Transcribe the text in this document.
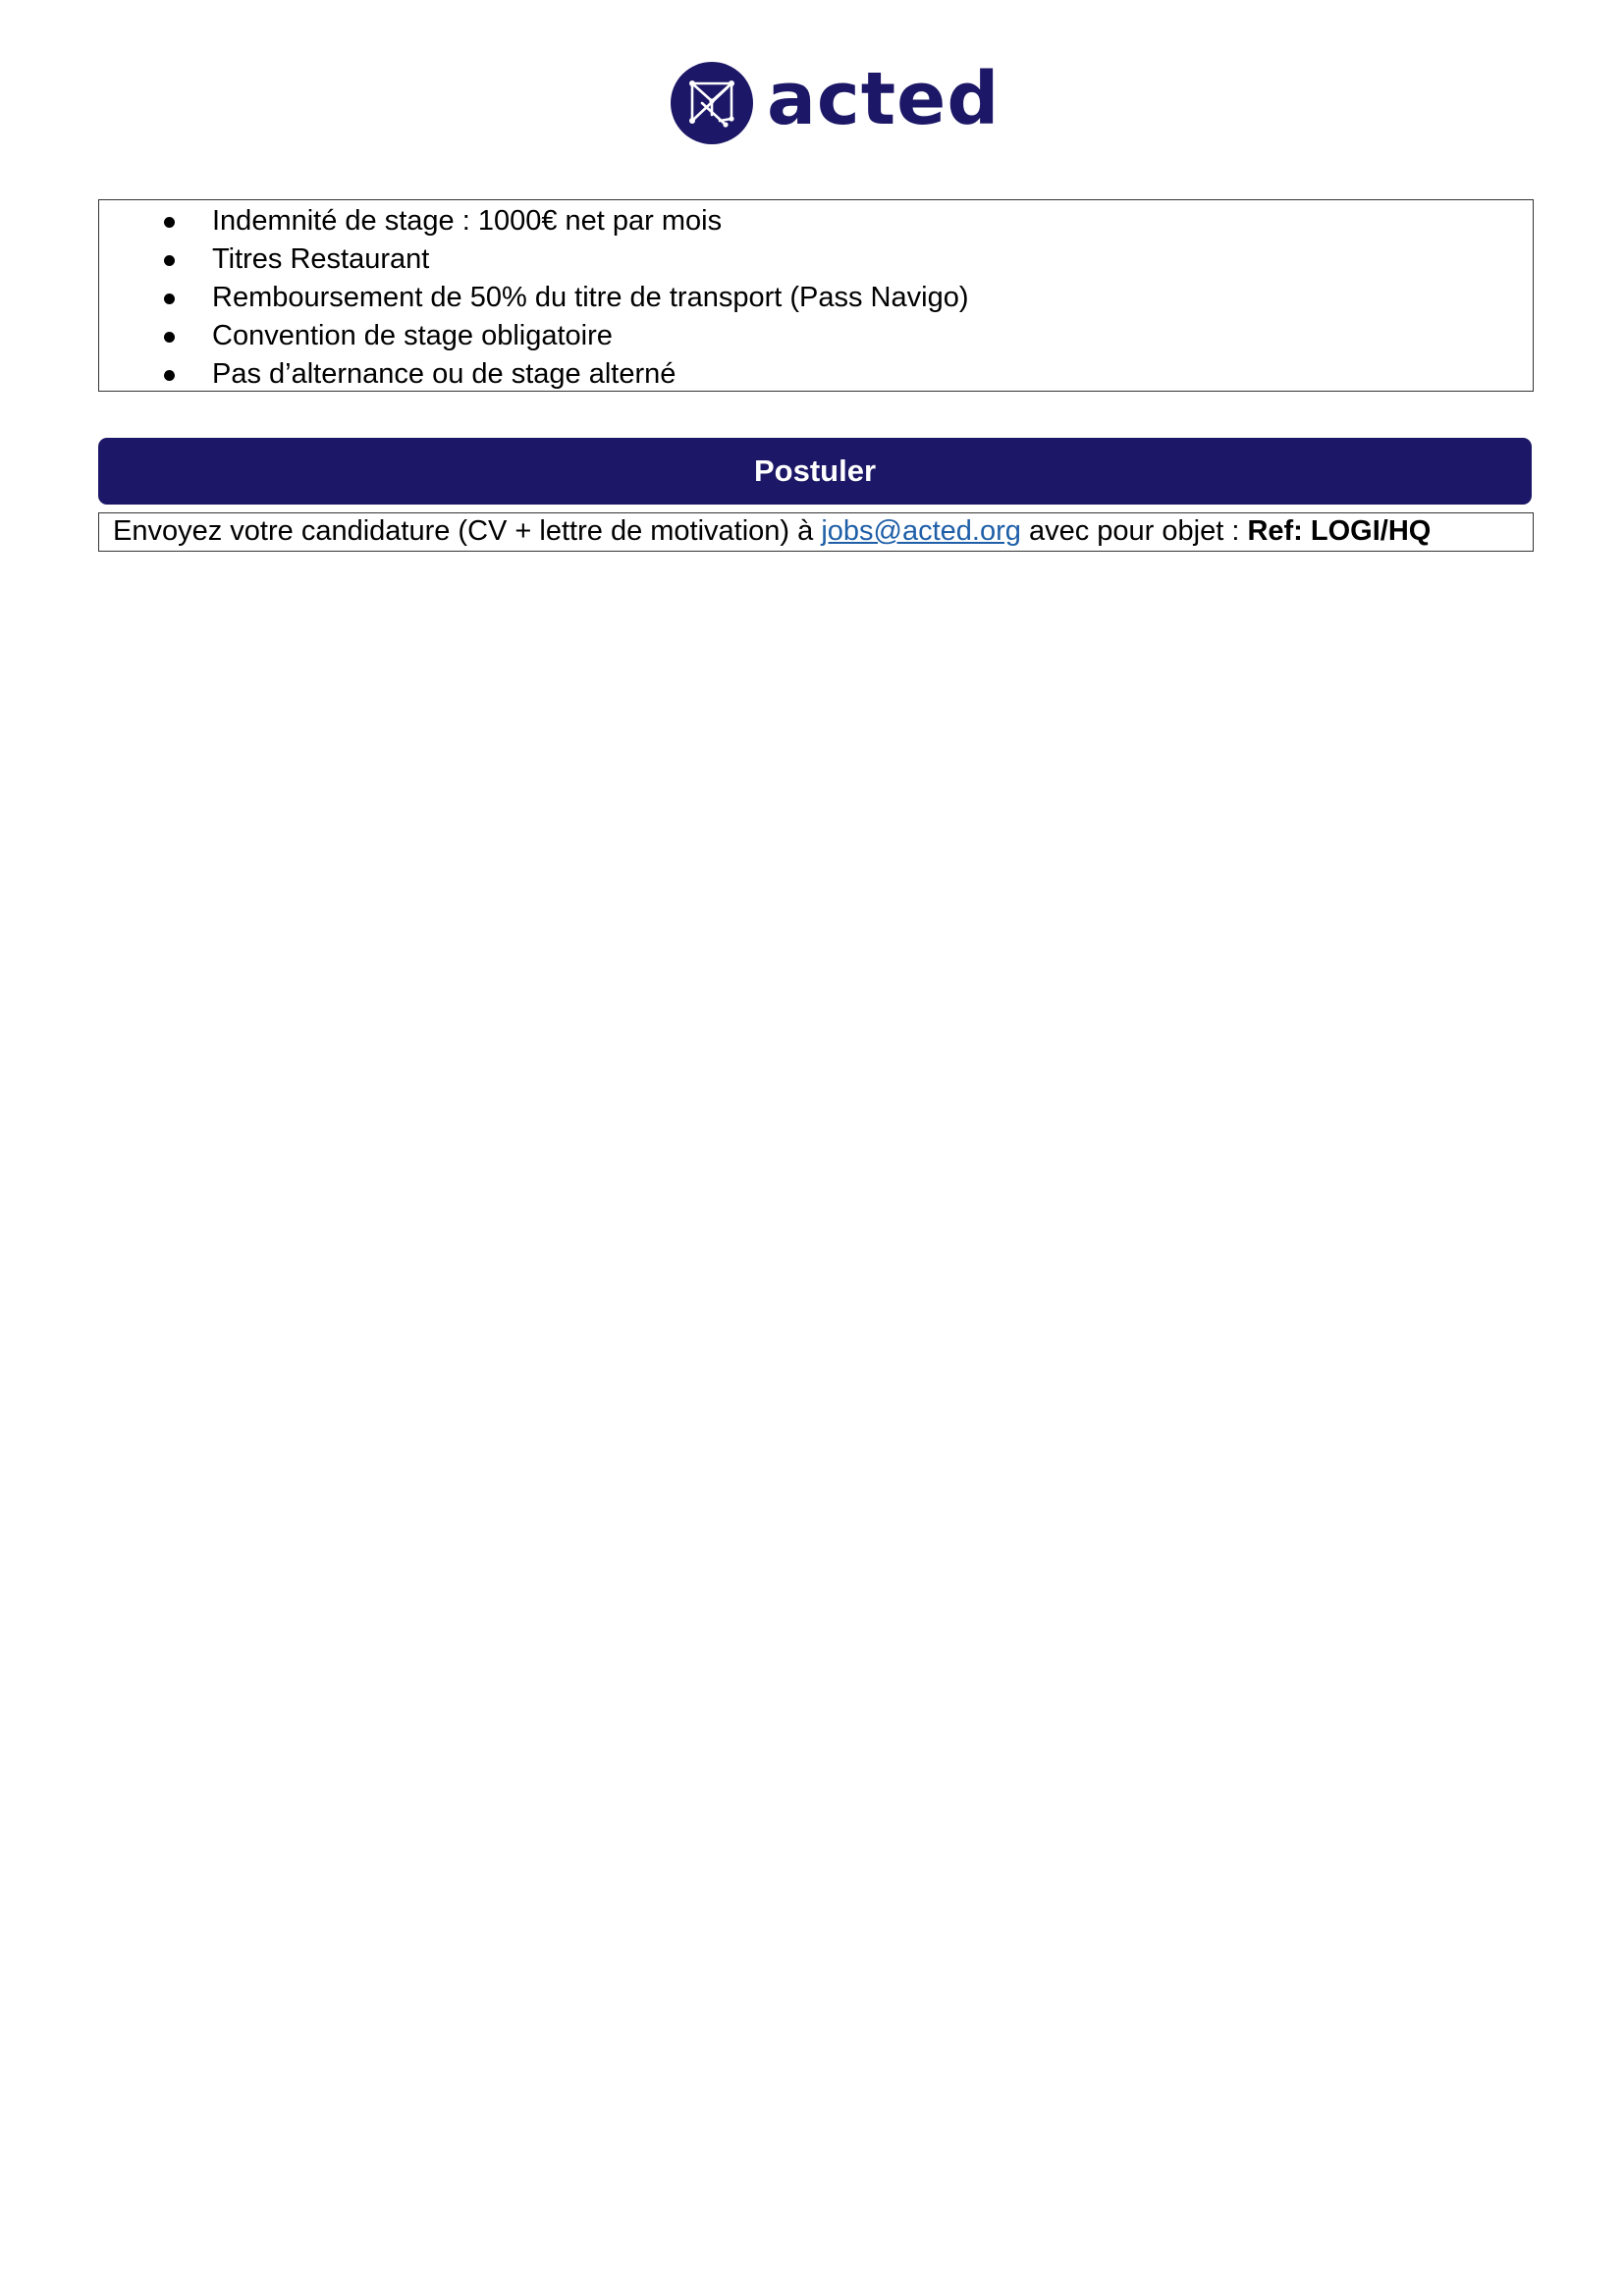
acted
Indemnité de stage : 1000€ net par mois
Titres Restaurant
Remboursement de 50% du titre de transport (Pass Navigo)
Convention de stage obligatoire
Pas d’alternance ou de stage alterné
Postuler
Envoyez votre candidature (CV + lettre de motivation) à jobs@acted.org avec pour objet : Ref: LOGI/HQ
